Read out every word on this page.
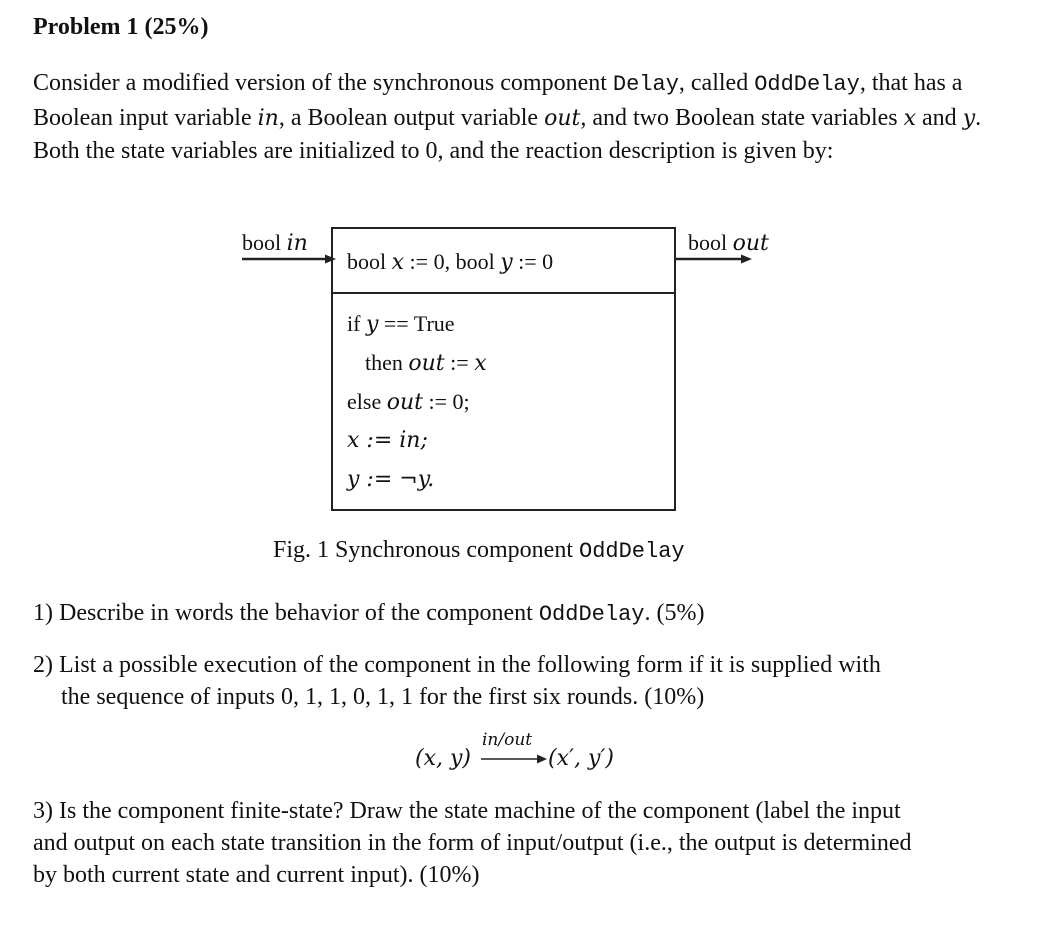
Problem 1 (25%)
Consider a modified version of the synchronous component Delay, called OddDelay, that has a Boolean input variable in, a Boolean output variable out, and two Boolean state variables x and y. Both the state variables are initialized to 0, and the reaction description is given by:
bool in	bool out
bool x := 0, bool y := 0
if y == True
then out := x
else out := 0;
x := in;
y := ¬y.
Fig. 1 Synchronous component OddDelay
1) Describe in words the behavior of the component OddDelay. (5%)
2) List a possible execution of the component in the following form if it is supplied with
the sequence of inputs 0, 1, 1, 0, 1, 1 for the first six rounds. (10%)
(x, y)
in/out
(x′, y′)
3) Is the component finite-state? Draw the state machine of the component (label the input
and output on each state transition in the form of input/output (i.e., the output is determined
by both current state and current input). (10%)
